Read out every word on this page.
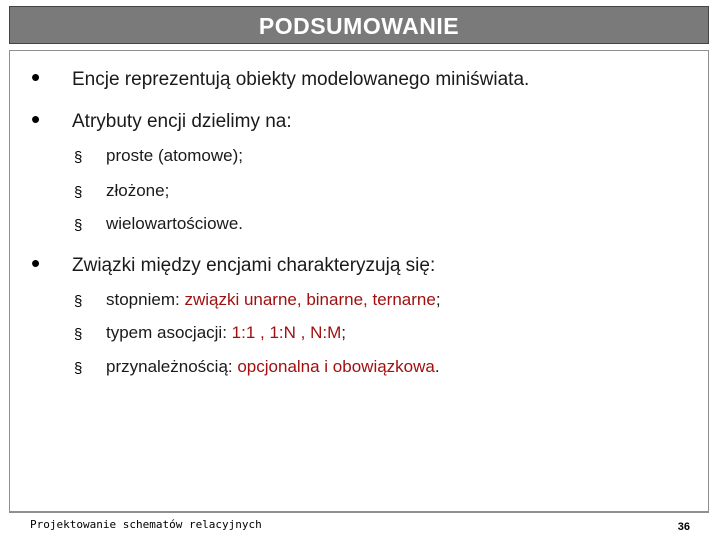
PODSUMOWANIE
• Encje reprezentują obiekty modelowanego miniświata.
• Atrybuty encji dzielimy na:
§ proste (atomowe);
§ złożone;
§ wielowartościowe.
• Związki między encjami charakteryzują się:
§ stopniem: związki unarne, binarne, ternarne;
§ typem asocjacji: 1:1 , 1:N , N:M;
§ przynależnością: opcjonalna i obowiązkowa.
Projektowanie schematów relacyjnych	36
